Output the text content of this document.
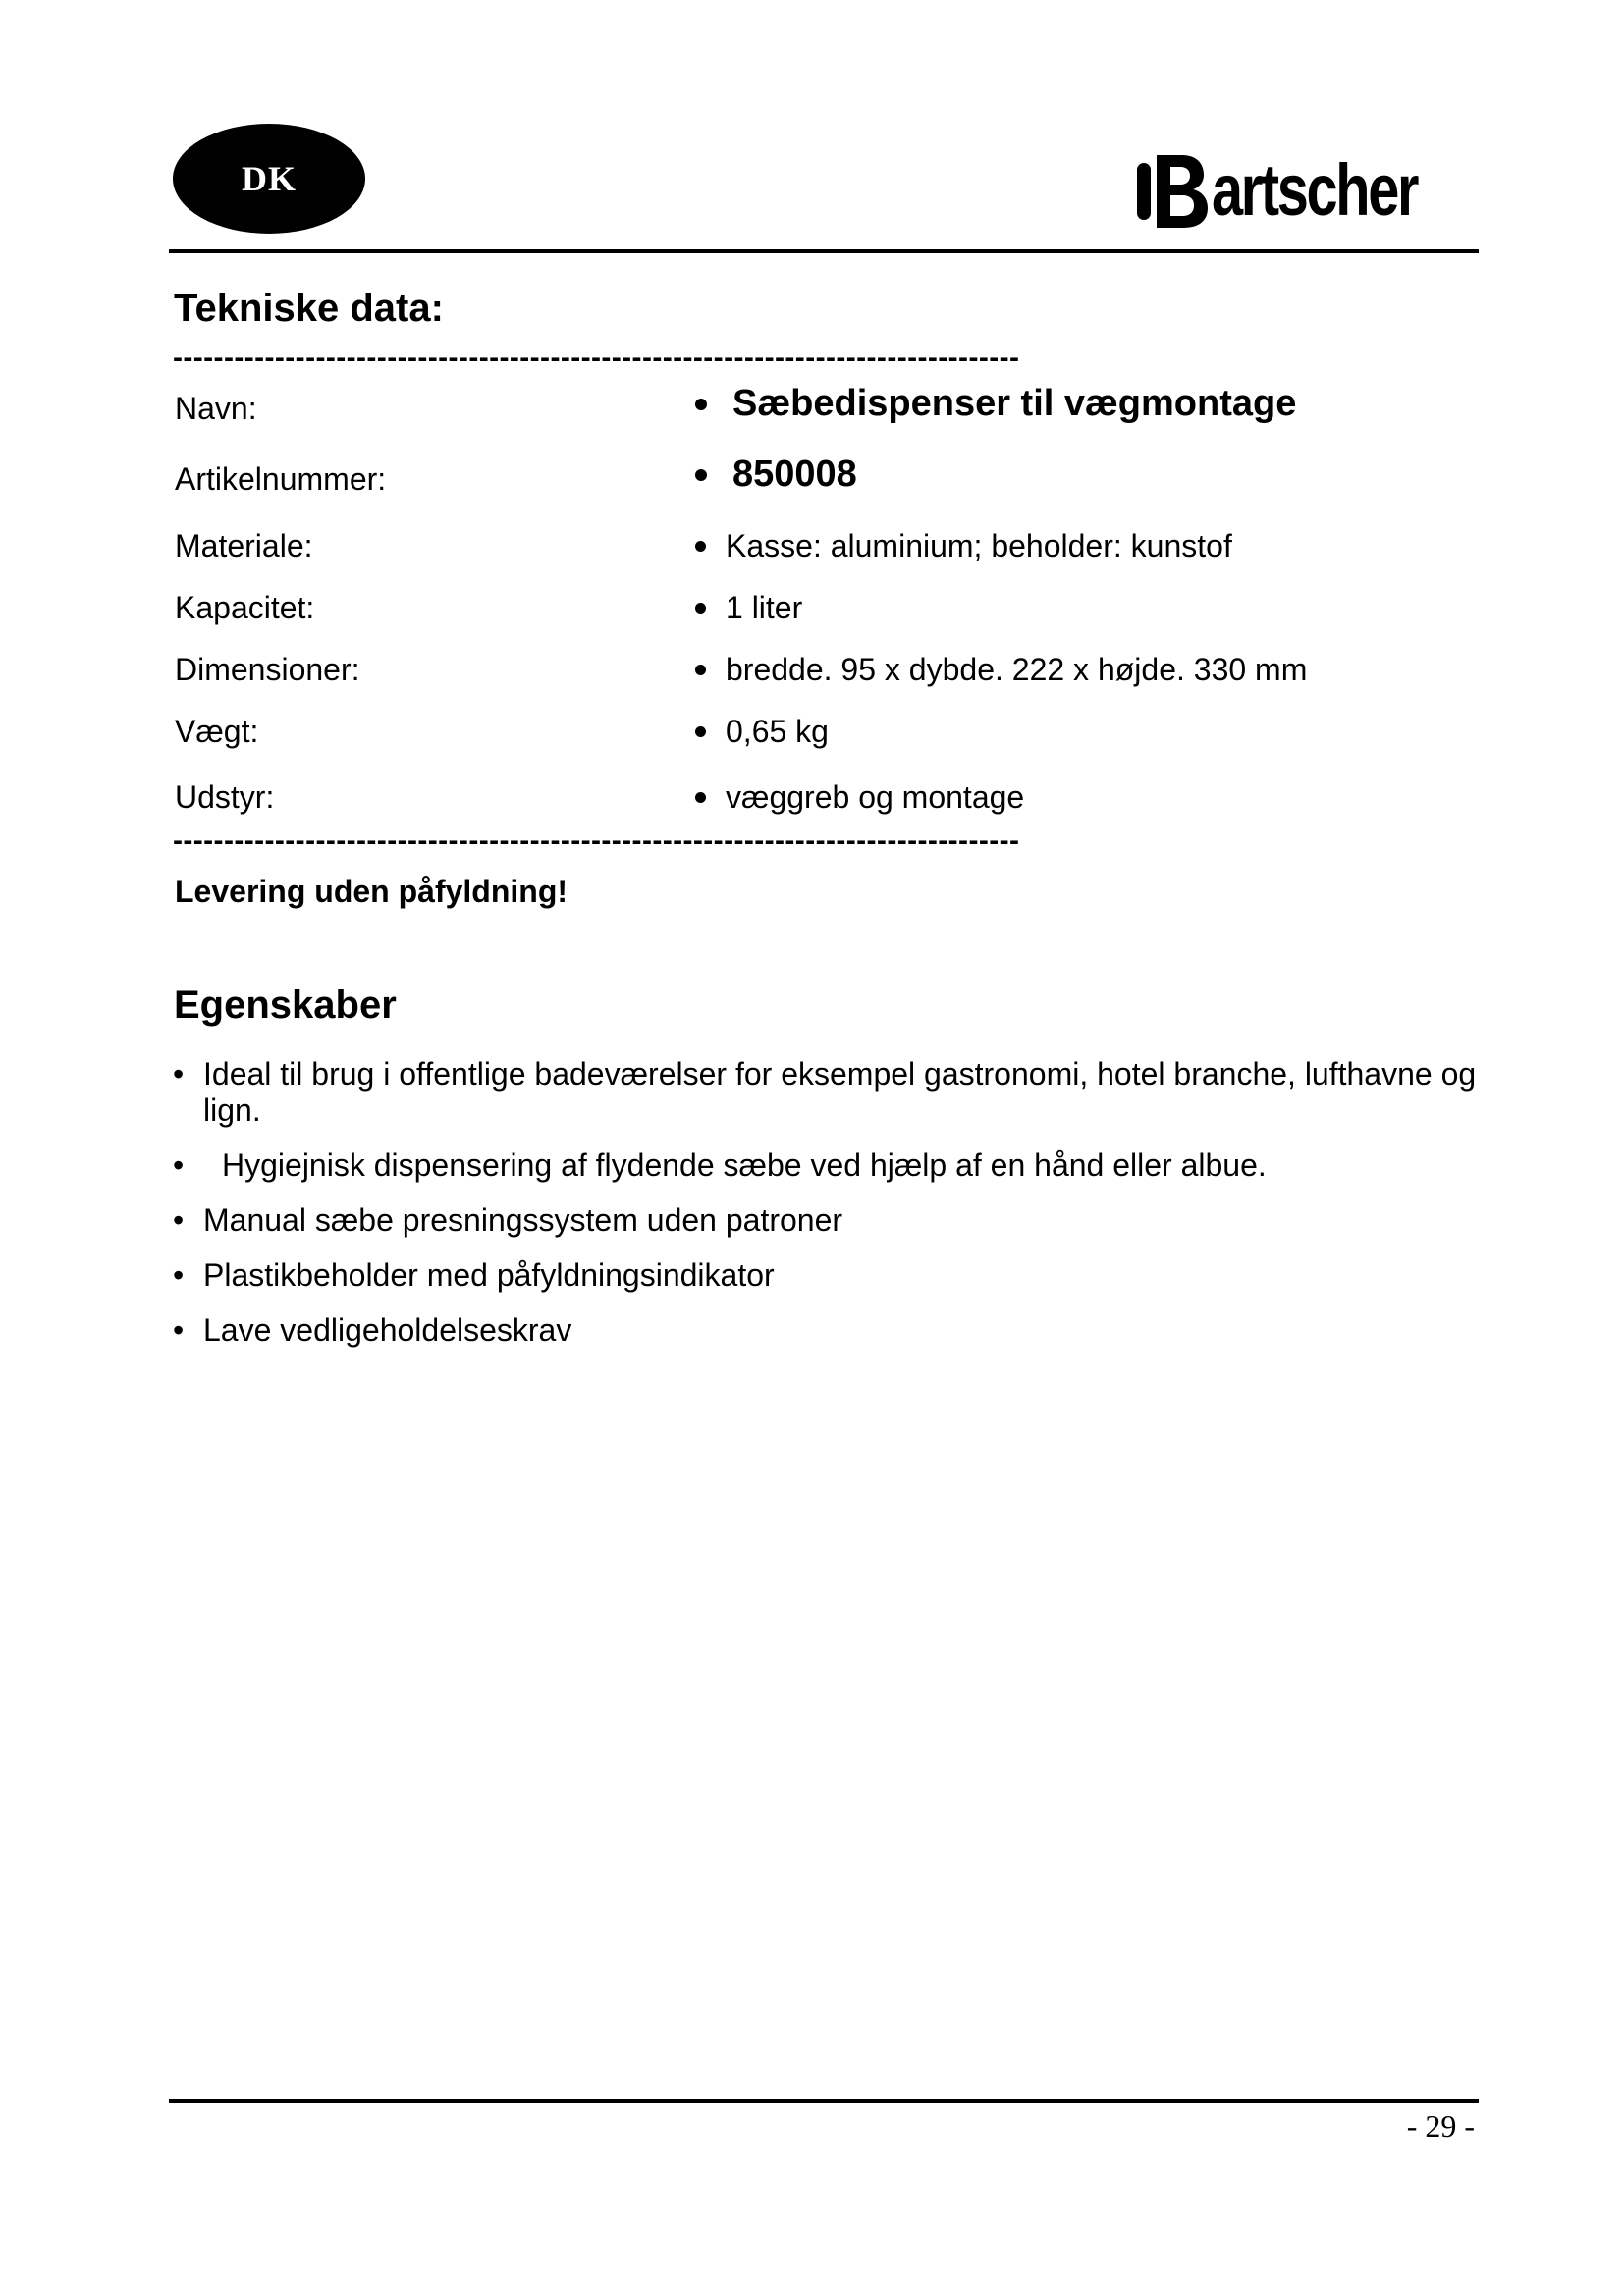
DK	artscher
Tekniske data:
-----------------------------------------------------------------------------------
Navn:	Sæbedispenser til vægmontage
Artikelnummer:	850008
Materiale:	Kasse: aluminium; beholder: kunstof
Kapacitet:	1 liter
Dimensioner:	bredde. 95 x dybde. 222 x højde. 330 mm
Vægt:	0,65 kg
Udstyr:	væggreb og montage
-----------------------------------------------------------------------------------
Levering uden påfyldning!
Egenskaber
• Ideal til brug i offentlige badeværelser for eksempel gastronomi, hotel branche, lufthavne og lign.
• Hygiejnisk dispensering af flydende sæbe ved hjælp af en hånd eller albue.
• Manual sæbe presningssystem uden patroner
• Plastikbeholder med påfyldningsindikator
• Lave vedligeholdelseskrav
- 29 -
